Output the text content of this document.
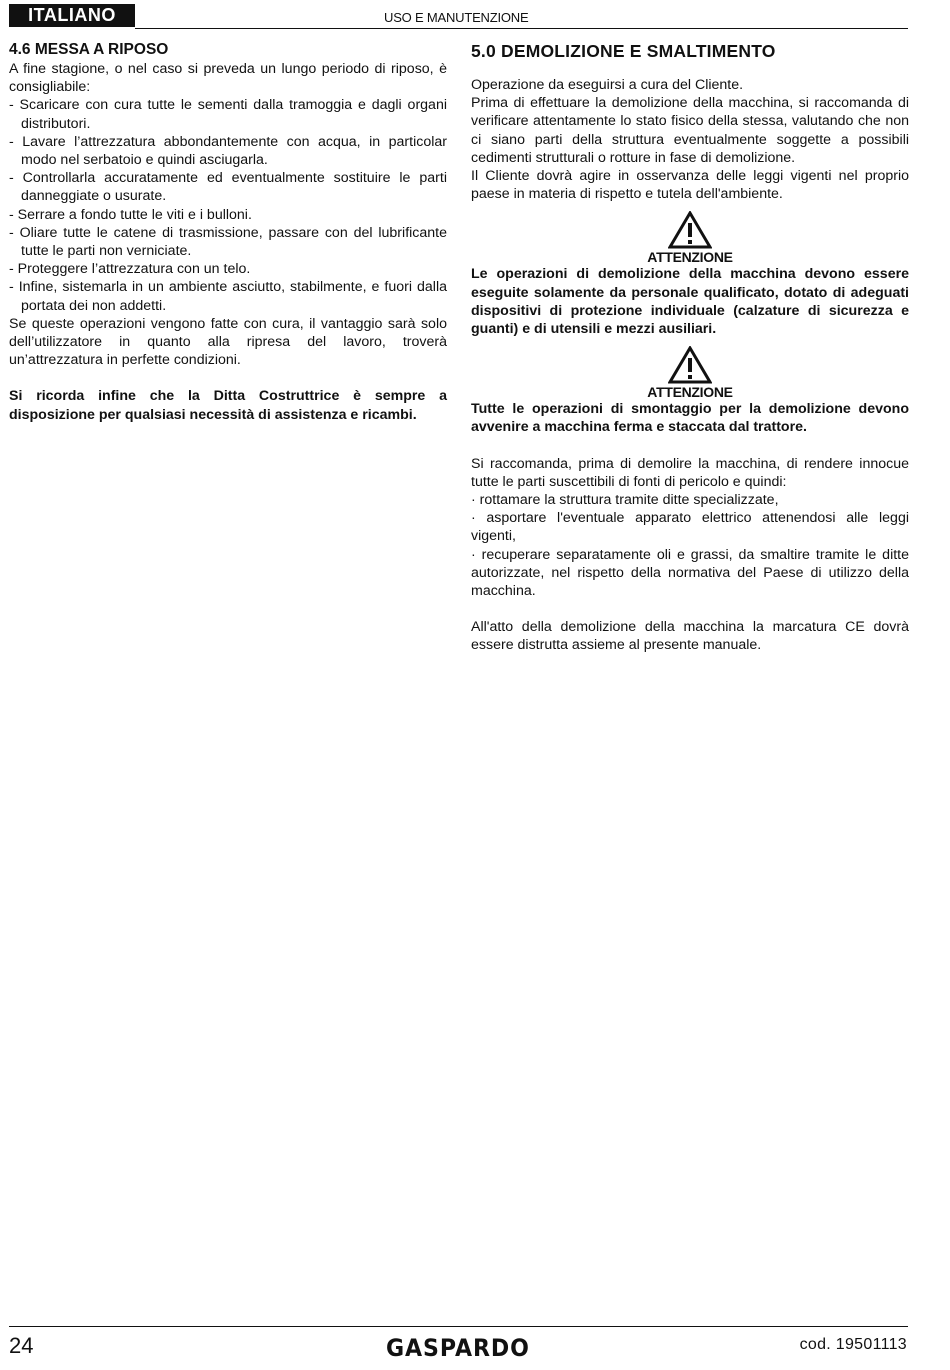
ITALIANO	USO E MANUTENZIONE

4.6 MESSA A RIPOSO

A fine stagione, o nel caso si preveda un lungo periodo di riposo, è consigliabile:

- Scaricare con cura tutte le sementi dalla tramoggia e dagli organi distributori.

- Lavare l’attrezzatura abbondantemente con acqua, in particolar modo nel serbatoio e quindi asciugarla.

- Controllarla accuratamente ed eventualmente sostituire le parti danneggiate o usurate.

- Serrare a fondo tutte le viti e i bulloni.

- Oliare tutte le catene di trasmissione, passare con del lubrificante tutte le parti non verniciate.

- Proteggere l’attrezzatura con un telo.

- Infine, sistemarla in un ambiente asciutto, stabilmente, e fuori dalla portata dei non addetti.

Se queste operazioni vengono fatte con cura, il vantaggio sarà solo dell’utilizzatore in quanto alla ripresa del lavoro, troverà un’attrezzatura in perfette condizioni.

Si ricorda infine che la Ditta Costruttrice è sempre a disposizione per qualsiasi necessità di assistenza e ricambi.

5.0 DEMOLIZIONE E SMALTIMENTO

Operazione da eseguirsi a cura del Cliente.

Prima di effettuare la demolizione della macchina, si raccomanda di verificare attentamente lo stato fisico della stessa, valutando che non ci siano parti della struttura eventualmente soggette a possibili cedimenti strutturali o rotture in fase di demolizione.

Il Cliente dovrà agire in osservanza delle leggi vigenti nel proprio paese in materia di rispetto e tutela dell'ambiente.

ATTENZIONE

Le operazioni di demolizione della macchina devono essere eseguite solamente da personale qualificato, dotato di adeguati dispositivi di protezione individuale (calzature di sicurezza e guanti) e di utensili e mezzi ausiliari.

ATTENZIONE

Tutte le operazioni di smontaggio per la demolizione devono avvenire a macchina ferma e staccata dal trattore.

Si raccomanda, prima di demolire la macchina, di rendere innocue tutte le parti suscettibili di fonti di pericolo e quindi:

· rottamare la struttura tramite ditte specializzate,

· asportare l'eventuale apparato elettrico attenendosi alle leggi vigenti,

· recuperare separatamente oli e grassi, da smaltire tramite le ditte autorizzate, nel rispetto della normativa del Paese di utilizzo della macchina.

All'atto della demolizione della macchina la marcatura CE dovrà essere distrutta assieme al presente manuale.

24	GASPARDO	cod. 19501113
